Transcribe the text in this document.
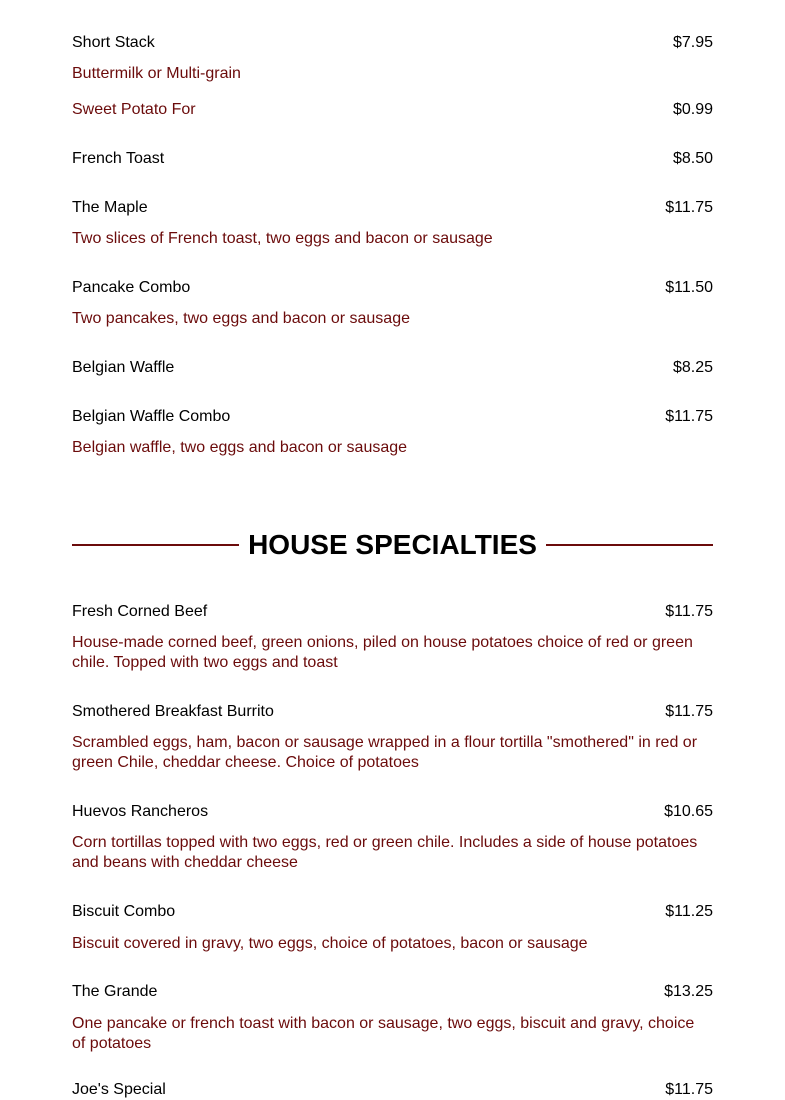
Short Stack	$7.95
Buttermilk or Multi-grain
Sweet Potato For	$0.99
French Toast	$8.50
The Maple	$11.75
Two slices of French toast, two eggs and bacon or sausage
Pancake Combo	$11.50
Two pancakes, two eggs and bacon or sausage
Belgian Waffle	$8.25
Belgian Waffle Combo	$11.75
Belgian waffle, two eggs and bacon or sausage
HOUSE SPECIALTIES
Fresh Corned Beef	$11.75
House-made corned beef, green onions, piled on house potatoes choice of red or green chile. Topped with two eggs and toast
Smothered Breakfast Burrito	$11.75
Scrambled eggs, ham, bacon or sausage wrapped in a flour tortilla "smothered" in red or green Chile, cheddar cheese. Choice of potatoes
Huevos Rancheros	$10.65
Corn tortillas topped with two eggs, red or green chile. Includes a side of house potatoes and beans with cheddar cheese
Biscuit Combo	$11.25
Biscuit covered in gravy, two eggs, choice of potatoes, bacon or sausage
The Grande	$13.25
One pancake or french toast with bacon or sausage, two eggs, biscuit and gravy, choice of potatoes
Joe's Special	$11.75
